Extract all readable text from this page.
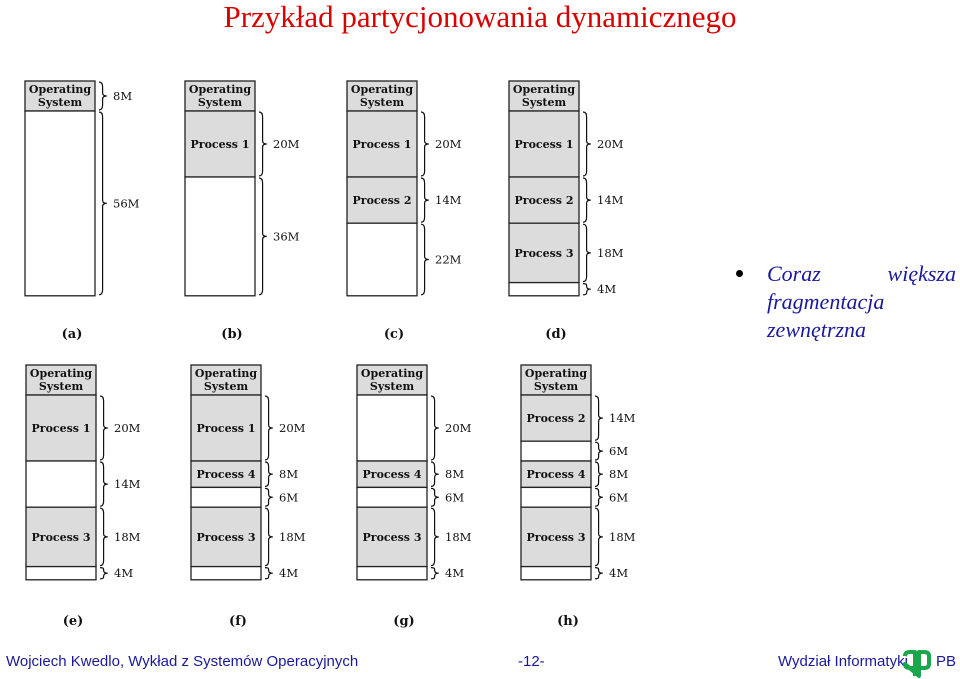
Przykład partycjonowania dynamicznego
Operating
System	8M
56M
(a)
Operating
System
Process 1 20M
36M
(b)
Operating
System
Process 1 20M
Process 2 14M
22M
(c)
Operating
System
Process 1 20M
Process 2 14M
Process 3 18M
4M
(d)
Operating
System
Process 1 20M
14M
Process 3 18M
4M
(e)
Operating
System
Process 1 20M
Process 4 8M
6M
Process 3 18M
4M
(f)
Operating
System
20M
Process 4 8M
6M
Process 3 18M
4M
(g)
Operating
System
Process 2 14M
6M
Process 4 8M
6M
Process 3 18M
4M
(h)
Coraz	większa
fragmentacja
zewnętrzna
Wojciech Kwedlo, Wykład z Systemów Operacyjnych	-12-	Wydział Informatyki PB
